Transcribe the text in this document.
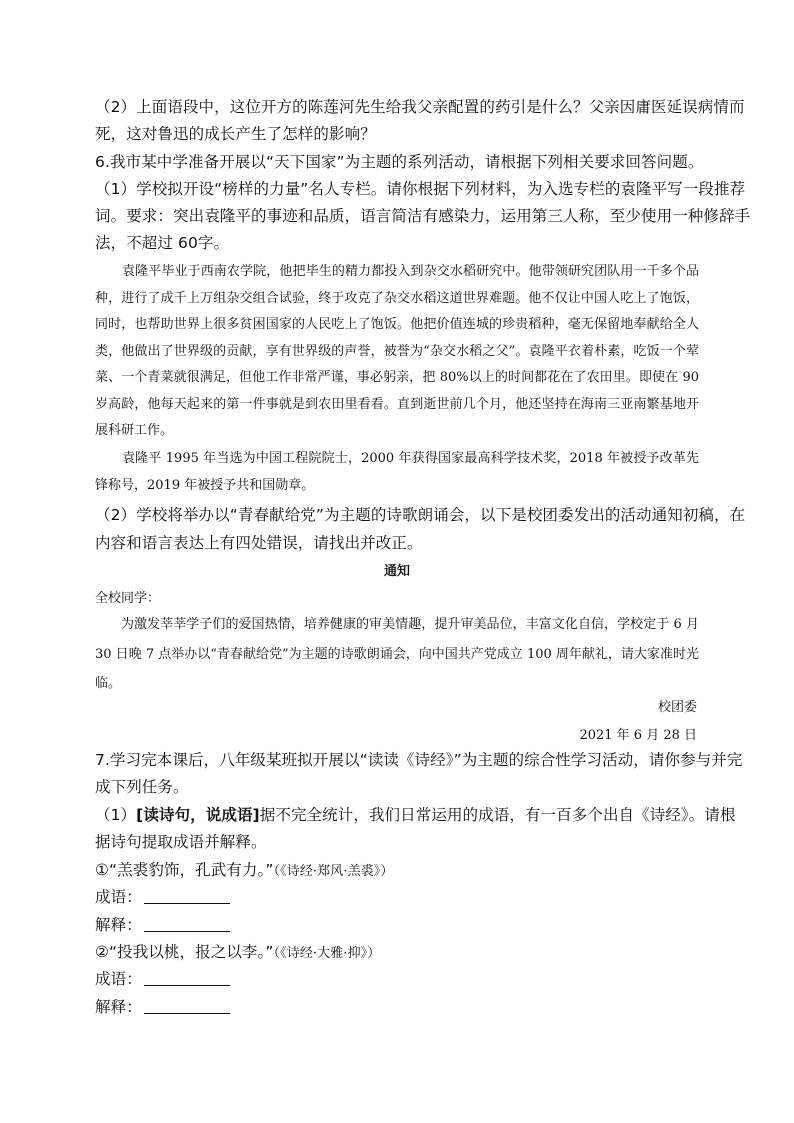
（2）上面语段中，这位开方的陈莲河先生给我父亲配置的药引是什么？父亲因庸医延误病情而
死，这对鲁迅的成长产生了怎样的影响？
6.我市某中学准备开展以“天下国家”为主题的系列活动，请根据下列相关要求回答问题。
（1）学校拟开设“榜样的力量”名人专栏。请你根据下列材料，为入选专栏的袁隆平写一段推荐
词。要求：突出袁隆平的事迹和品质，语言简洁有感染力，运用第三人称，至少使用一种修辞手
法，不超过 60字。

袁隆平毕业于西南农学院，他把毕生的精力都投入到杂交水稻研究中。他带领研究团队用一千多个品种，进行了成千上万组杂交组合试验，终于攻克了杂交水稻这道世界难题。他不仅让中国人吃上了饱饭，同时，也帮助世界上很多贫困国家的人民吃上了饱饭。他把价值连城的珍贵稻种，毫无保留地奉献给全人类，他做出了世界级的贡献，享有世界级的声誉，被誉为“杂交水稻之父”。袁隆平衣着朴素，吃饭一个荤菜、一个青菜就很满足，但他工作非常严谨，事必躬亲，把 80%以上的时间都花在了农田里。即使在 90 岁高龄，他每天起来的第一件事就是到农田里看看。直到逝世前几个月，他还坚持在海南三亚南繁基地开展科研工作。

袁隆平 1995 年当选为中国工程院院士，2000 年获得国家最高科学技术奖，2018 年被授予改革先锋称号，2019 年被授予共和国勋章。

（2）学校将举办以“青春献给党”为主题的诗歌朗诵会，以下是校团委发出的活动通知初稿，在
内容和语言表达上有四处错误，请找出并改正。
通知
全校同学：

为激发莘莘学子们的爱国热情，培养健康的审美情趣，提升审美品位，丰富文化自信，学校定于 6 月 30 日晚 7 点举办以“青春献给党”为主题的诗歌朗诵会，向中国共产党成立 100 周年献礼，请大家准时光临。

校团委
2021 年 6 月 28 日
7.学习完本课后，八年级某班拟开展以“读读《诗经》”为主题的综合性学习活动，请你参与并完
成下列任务。
（1）[读诗句，说成语]据不完全统计，我们日常运用的成语，有一百多个出自《诗经》。请根
据诗句提取成语并解释。
①“羔裘豹饰，孔武有力。”（《诗经·郑风·羔裘》）
成语：
解释：
②“投我以桃，报之以李。”（《诗经·大雅·抑》）
成语：
解释：
